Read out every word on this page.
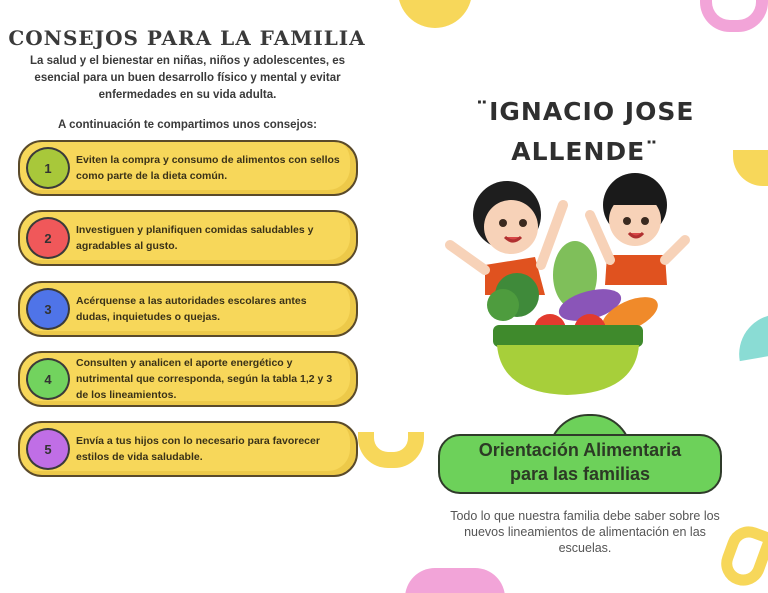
CONSEJOS PARA LA FAMILIA

La salud y el bienestar en niñas, niños y adolescentes, es esencial para un buen desarrollo físico y mental y evitar enfermedades en su vida adulta.

A continuación te compartimos unos consejos:

1
Eviten la compra y consumo de alimentos con sellos como parte de la dieta común.
2
Investiguen y planifiquen comidas saludables y agradables al gusto.
3
Acérquense a las autoridades escolares antes dudas, inquietudes o quejas.
4
Consulten y analicen el aporte energético y nutrimental que corresponda, según la tabla 1,2 y 3 de los lineamientos.
5
Envía a tus hijos con lo necesario para favorecer estilos de vida saludable.
¨IGNACIO JOSE
ALLENDE¨
Orientación Alimentaria
para las familias

Todo lo que nuestra familia debe saber sobre los nuevos lineamientos de alimentación en las escuelas.
